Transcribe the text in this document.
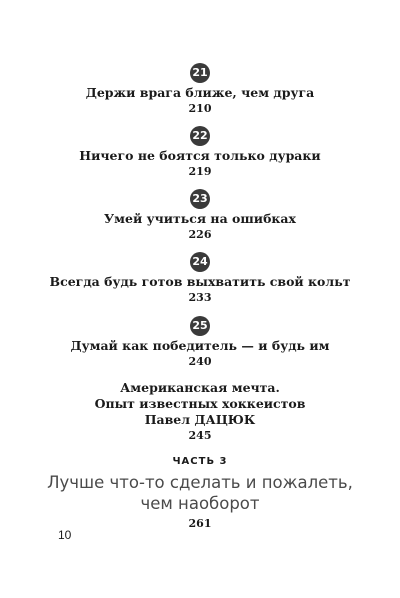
21
Держи врага ближе, чем друга
210
22
Ничего не боятся только дураки
219
23
Умей учиться на ошибках
226
24
Всегда будь готов выхватить свой кольт
233
25
Думай как победитель — и будь им
240
Американская мечта.
Опыт известных хоккеистов
Павел ДАЦЮК
245
ЧАСТЬ 3
Лучше что-то сделать и пожалеть,
чем наоборот
261
10
